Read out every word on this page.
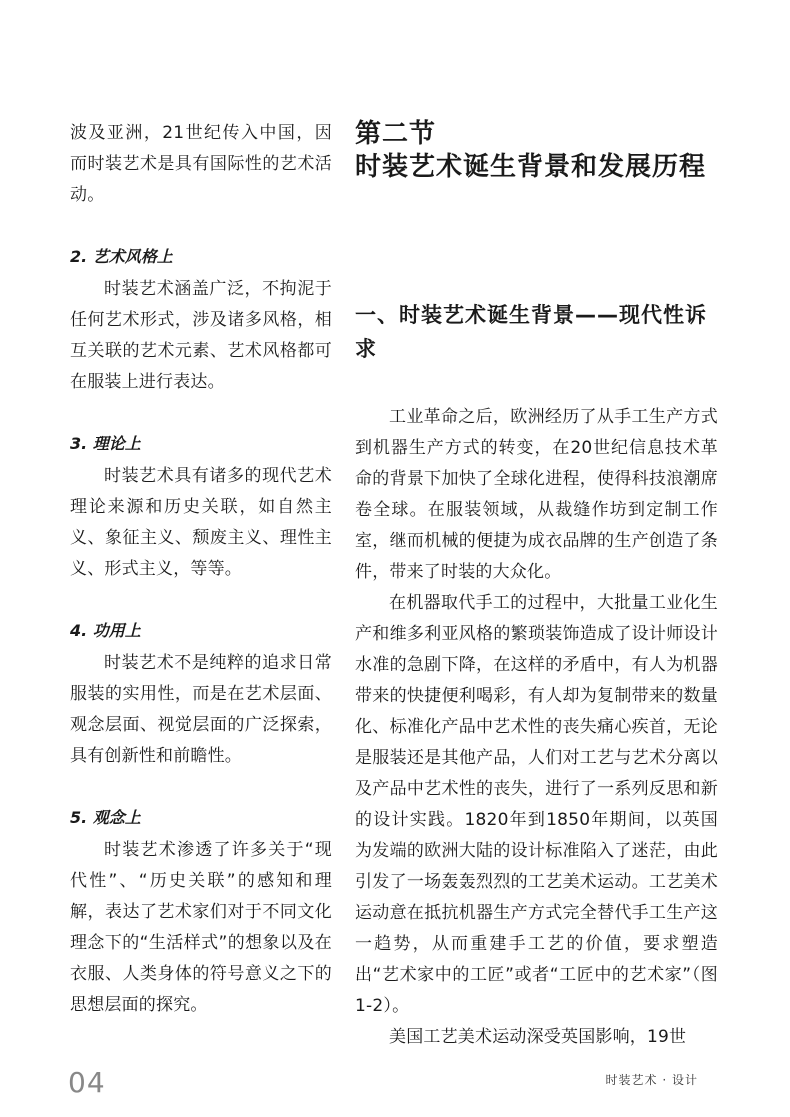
波及亚洲，21世纪传入中国，因而时装艺术是具有国际性的艺术活动。

2. 艺术风格上

时装艺术涵盖广泛，不拘泥于任何艺术形式，涉及诸多风格，相互关联的艺术元素、艺术风格都可在服装上进行表达。

3. 理论上

时装艺术具有诸多的现代艺术理论来源和历史关联，如自然主义、象征主义、颓废主义、理性主义、形式主义，等等。

4. 功用上

时装艺术不是纯粹的追求日常服装的实用性，而是在艺术层面、观念层面、视觉层面的广泛探索，具有创新性和前瞻性。

5. 观念上

时装艺术渗透了许多关于“现代性”、“历史关联”的感知和理解，表达了艺术家们对于不同文化理念下的“生活样式”的想象以及在衣服、人类身体的符号意义之下的思想层面的探究。

第二节
时装艺术诞生背景和发展历程
一、时装艺术诞生背景——现代性诉求

工业革命之后，欧洲经历了从手工生产方式到机器生产方式的转变，在20世纪信息技术革命的背景下加快了全球化进程，使得科技浪潮席卷全球。在服装领域，从裁缝作坊到定制工作室，继而机械的便捷为成衣品牌的生产创造了条件，带来了时装的大众化。

在机器取代手工的过程中，大批量工业化生产和维多利亚风格的繁琐装饰造成了设计师设计水准的急剧下降，在这样的矛盾中，有人为机器带来的快捷便利喝彩，有人却为复制带来的数量化、标准化产品中艺术性的丧失痛心疾首，无论是服装还是其他产品，人们对工艺与艺术分离以及产品中艺术性的丧失，进行了一系列反思和新的设计实践。1820年到1850年期间，以英国为发端的欧洲大陆的设计标准陷入了迷茫，由此引发了一场轰轰烈烈的工艺美术运动。工艺美术运动意在抵抗机器生产方式完全替代手工生产这一趋势，从而重建手工艺的价值，要求塑造出“艺术家中的工匠”或者“工匠中的艺术家”（图1-2）。

美国工艺美术运动深受英国影响，19世

04	时装艺术 · 设计
